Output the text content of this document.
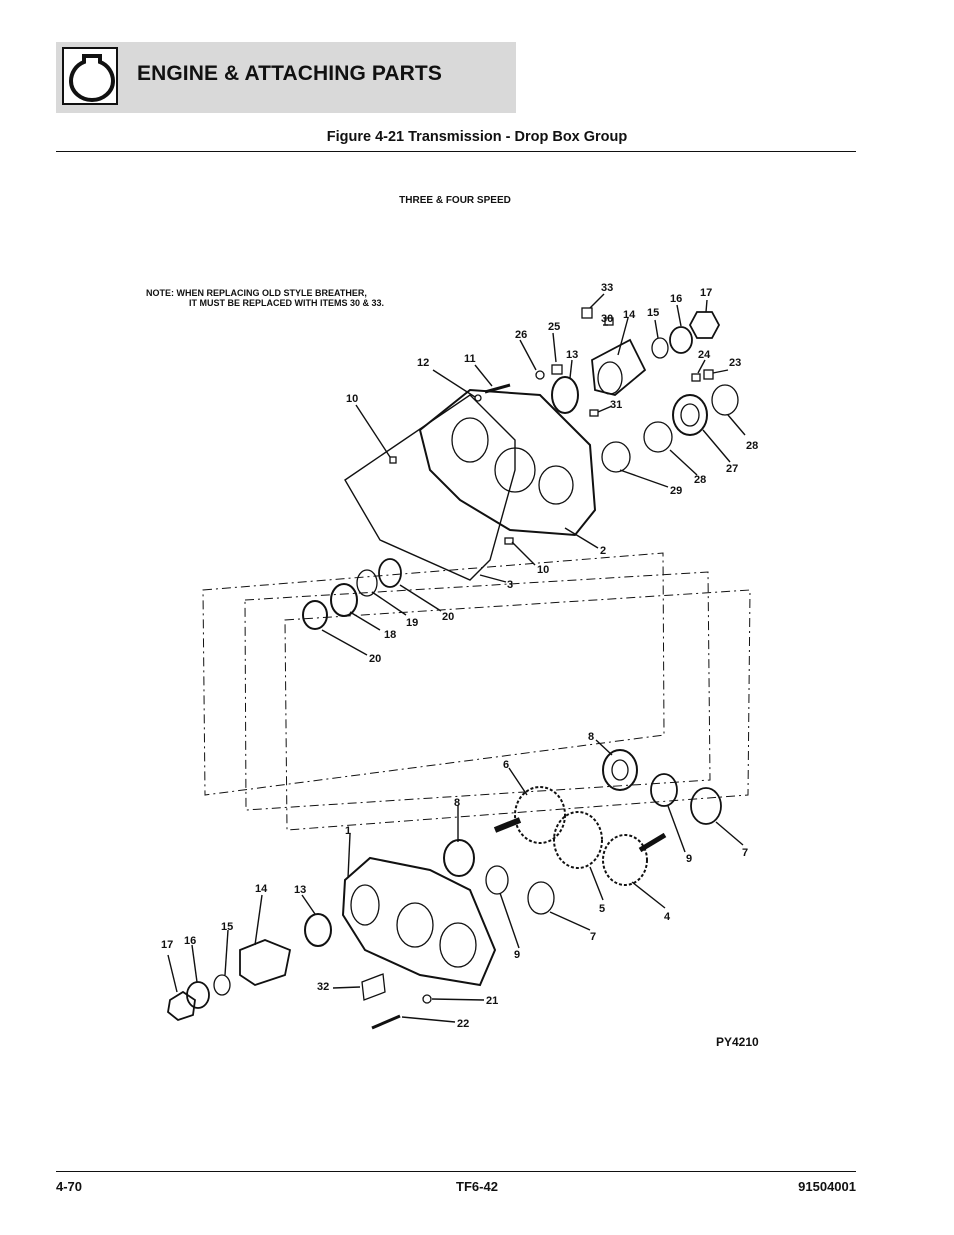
ENGINE & ATTACHING PARTS
Figure 4-21 Transmission - Drop Box Group
THREE & FOUR SPEED
NOTE: WHEN REPLACING OLD STYLE BREATHER,
IT MUST BE REPLACED WITH ITEMS 30 & 33.
33	17
16
14 15
30
26
25
13	24
23
12	11
10	31
28
27
28
29
2
10
3
20
19
18
20
8
6
8
9	7
1
5
4
7
9
14 13
15
16
17
32
21
22
PY4210
4-70	TF6-42	91504001
